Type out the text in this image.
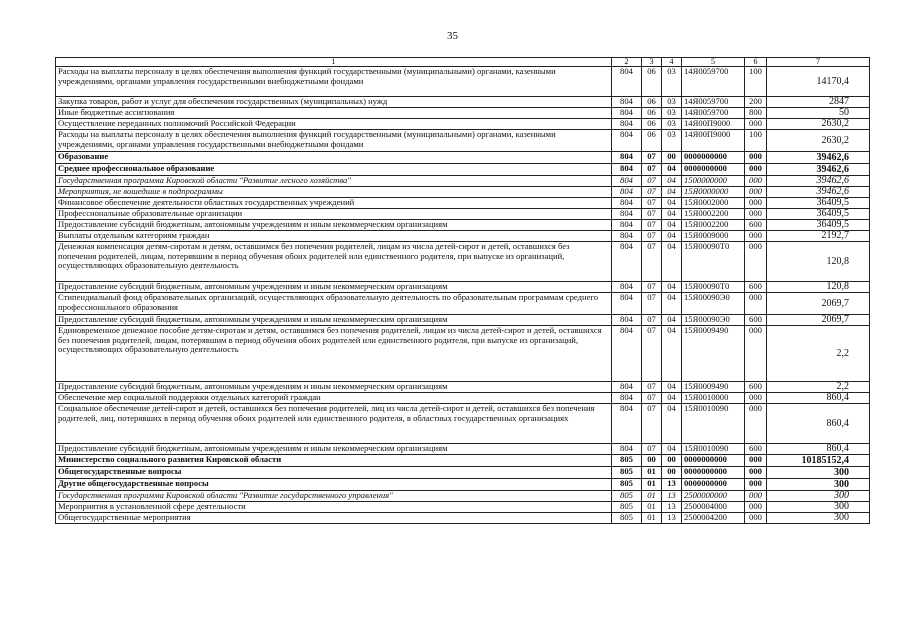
35
1	2	3	4	5	6	7
Расходы на выплаты персоналу в целях обеспечения выполнения функций государственными (муниципальными) органами, казенными учреждениями, органами управления государственными внебюджетными фондами	804	06	03	14Я0059700	100	14170,4
Закупка товаров, работ и услуг для обеспечения государственных (муниципальных) нужд	804	06	03	14Я0059700	200	2847
Иные бюджетные ассигнования	804	06	03	14Я0059700	800	50
Осуществление переданных полномочий Российской Федерации	804	06	03	14Я00П9000	000	2630,2
Расходы на выплаты персоналу в целях обеспечения выполнения функций государственными (муниципальными) органами, казенными учреждениями, органами управления государственными внебюджетными фондами	804	06	03	14Я00П9000	100	2630,2
Образование	804	07	00	0000000000	000	39462,6
Среднее профессиональное образование	804	07	04	0000000000	000	39462,6
Государственная программа Кировской области "Развитие лесного хозяйства"	804	07	04	1500000000	000	39462,6
Мероприятия, не вошедшие в подпрограммы	804	07	04	15Я0000000	000	39462,6
Финансовое обеспечение деятельности областных государственных учреждений	804	07	04	15Я0002000	000	36409,5
Профессиональные образовательные организации	804	07	04	15Я0002200	000	36409,5
Предоставление субсидий бюджетным, автономным учреждениям и иным некоммерческим организациям	804	07	04	15Я0002200	600	36409,5
Выплаты отдельным категориям граждан	804	07	04	15Я0009000	000	2192,7
Денежная компенсация детям-сиротам и детям, оставшимся без попечения родителей, лицам из числа детей-сирот и детей, оставшихся без попечения родителей, лицам, потерявшим в период обучения обоих родителей или единственного родителя, при выпуске из организаций, осуществляющих образовательную деятельность	804	07	04	15Я00090Т0	000	120,8
Предоставление субсидий бюджетным, автономным учреждениям и иным некоммерческим организациям	804	07	04	15Я00090Т0	600	120,8
Стипендиальный фонд образовательных организаций, осуществляющих образовательную деятельность по образовательным программам среднего профессионального образования	804	07	04	15Я00090Э0	000	2069,7
Предоставление субсидий бюджетным, автономным учреждениям и иным некоммерческим организациям	804	07	04	15Я00090Э0	600	2069,7
Единовременное денежное пособие детям-сиротам и детям, оставшимся без попечения родителей, лицам из числа детей-сирот и детей, оставшихся без попечения родителей, лицам, потерявшим в период обучения обоих родителей или единственного родителя, при выпуске из организаций, осуществляющих образовательную деятельность	804	07	04	15Я0009490	000	2,2
Предоставление субсидий бюджетным, автономным учреждениям и иным некоммерческим организациям	804	07	04	15Я0009490	600	2,2
Обеспечение мер социальной поддержки отдельных категорий граждан	804	07	04	15Я0010000	000	860,4
Социальное обеспечение детей-сирот и детей, оставшихся без попечения родителей, лиц из числа детей-сирот и детей, оставшихся без попечения родителей, лиц, потерявших в период обучения обоих родителей или единственного родителя, в областных государственных организациях	804	07	04	15Я0010090	000	860,4
Предоставление субсидий бюджетным, автономным учреждениям и иным некоммерческим организациям	804	07	04	15Я0010090	600	860,4
Министерство социального развития Кировской области	805	00	00	0000000000	000	10185152,4
Общегосударственные вопросы	805	01	00	0000000000	000	300
Другие общегосударственные вопросы	805	01	13	0000000000	000	300
Государственная программа Кировской области "Развитие государственного управления"	805	01	13	2500000000	000	300
Мероприятия в установленной сфере деятельности	805	01	13	2500004000	000	300
Общегосударственные мероприятия	805	01	13	2500004200	000	300
